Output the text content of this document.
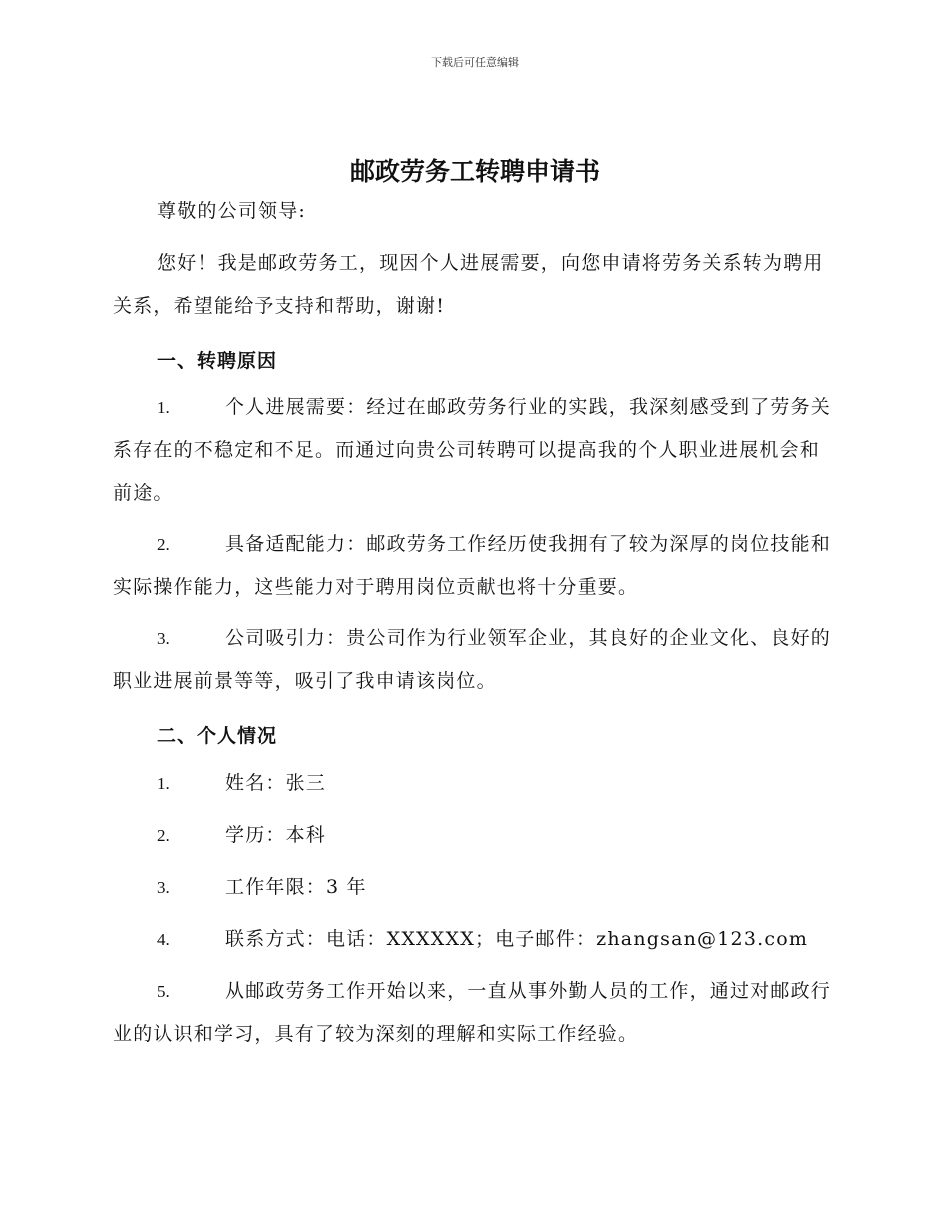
下载后可任意编辑
邮政劳务工转聘申请书

尊敬的公司领导:

您好！我是邮政劳务工，现因个人进展需要，向您申请将劳务关系转为聘用关系，希望能给予支持和帮助，谢谢!

一、转聘原因

1.	个人进展需要：经过在邮政劳务行业的实践，我深刻感受到了劳务关系存在的不稳定和不足。而通过向贵公司转聘可以提高我的个人职业进展机会和前途。

2.	具备适配能力：邮政劳务工作经历使我拥有了较为深厚的岗位技能和实际操作能力，这些能力对于聘用岗位贡献也将十分重要。

3.	公司吸引力：贵公司作为行业领军企业，其良好的企业文化、良好的职业进展前景等等，吸引了我申请该岗位。

二、个人情况

1.	姓名：张三

2.	学历：本科

3.	工作年限：3 年

4.	联系方式：电话：XXXXXX；电子邮件：zhangsan@123.com

5.	从邮政劳务工作开始以来，一直从事外勤人员的工作，通过对邮政行业的认识和学习，具有了较为深刻的理解和实际工作经验。
